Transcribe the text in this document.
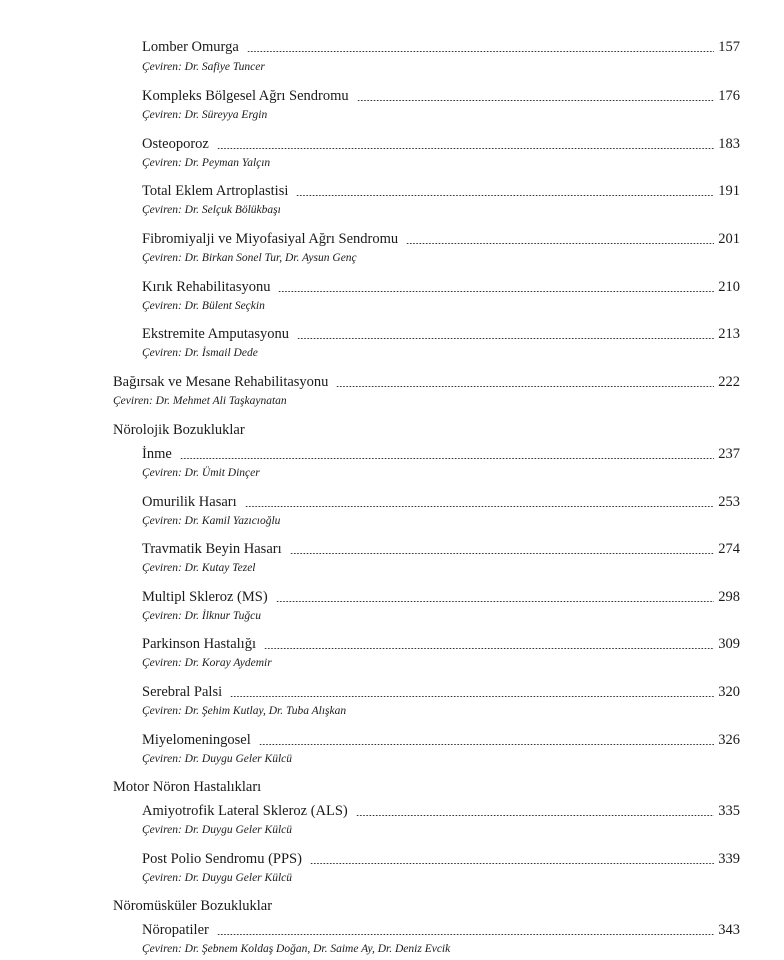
Lomber Omurga	157
Çeviren: Dr. Safiye Tuncer
Kompleks Bölgesel Ağrı Sendromu	176
Çeviren: Dr. Süreyya Ergin
Osteoporoz	183
Çeviren: Dr. Peyman Yalçın
Total Eklem Artroplastisi	191
Çeviren: Dr. Selçuk Bölükbaşı
Fibromiyalji ve Miyofasiyal Ağrı Sendromu	201
Çeviren: Dr. Birkan Sonel Tur, Dr. Aysun Genç
Kırık Rehabilitasyonu	210
Çeviren: Dr. Bülent Seçkin
Ekstremite Amputasyonu	213
Çeviren: Dr. İsmail Dede
Bağırsak ve Mesane Rehabilitasyonu	222
Çeviren: Dr. Mehmet Ali Taşkaynatan
Nörolojik Bozukluklar
İnme	237
Çeviren: Dr. Ümit Dinçer
Omurilik Hasarı	253
Çeviren: Dr. Kamil Yazıcıoğlu
Travmatik Beyin Hasarı	274
Çeviren: Dr. Kutay Tezel
Multipl Skleroz (MS)	298
Çeviren: Dr. İlknur Tuğcu
Parkinson Hastalığı	309
Çeviren: Dr. Koray Aydemir
Serebral Palsi	320
Çeviren: Dr. Şehim Kutlay, Dr. Tuba Alışkan
Miyelomeningosel	326
Çeviren: Dr. Duygu Geler Külcü
Motor Nöron Hastalıkları
Amiyotrofik Lateral Skleroz (ALS)	335
Çeviren: Dr. Duygu Geler Külcü
Post Polio Sendromu (PPS)	339
Çeviren: Dr. Duygu Geler Külcü
Nöromüsküler Bozukluklar
Nöropatiler	343
Çeviren: Dr. Şebnem Koldaş Doğan, Dr. Saime Ay, Dr. Deniz Evcik
